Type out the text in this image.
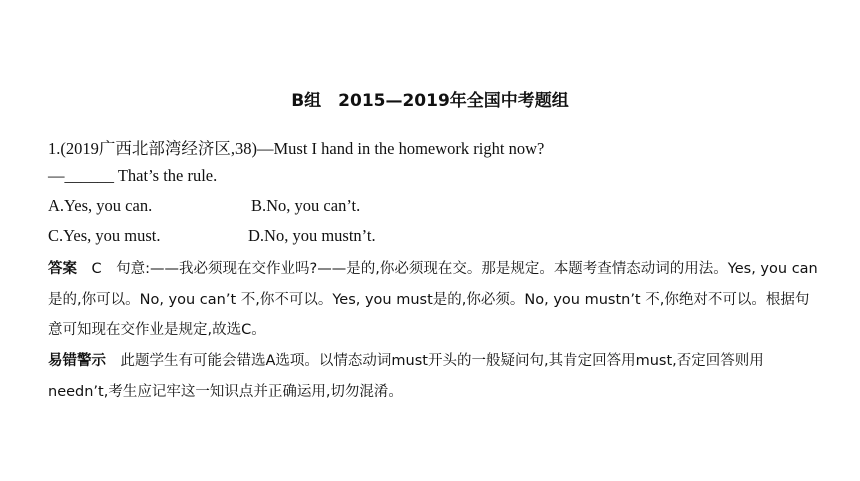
B组　2015—2019年全国中考题组
1.(2019广西北部湾经济区,38)—Must I hand in the homework right now?
—______ That’s the rule.
A.Yes, you can.	B.No, you can’t.
C.Yes, you must.	D.No, you mustn’t.
答案　 C　句意:——我必须现在交作业吗?——是的,你必须现在交。那是规定。本题考查情态动词的用法。Yes, you can是的,你可以。No, you can’t 不,你不可以。Yes, you must是的,你必须。No, you mustn’t 不,你绝对不可以。根据句意可知现在交作业是规定,故选C。
易错警示　 此题学生有可能会错选A选项。以情态动词must开头的一般疑问句,其肯定回答用must,否定回答则用needn’t,考生应记牢这一知识点并正确运用,切勿混淆。
